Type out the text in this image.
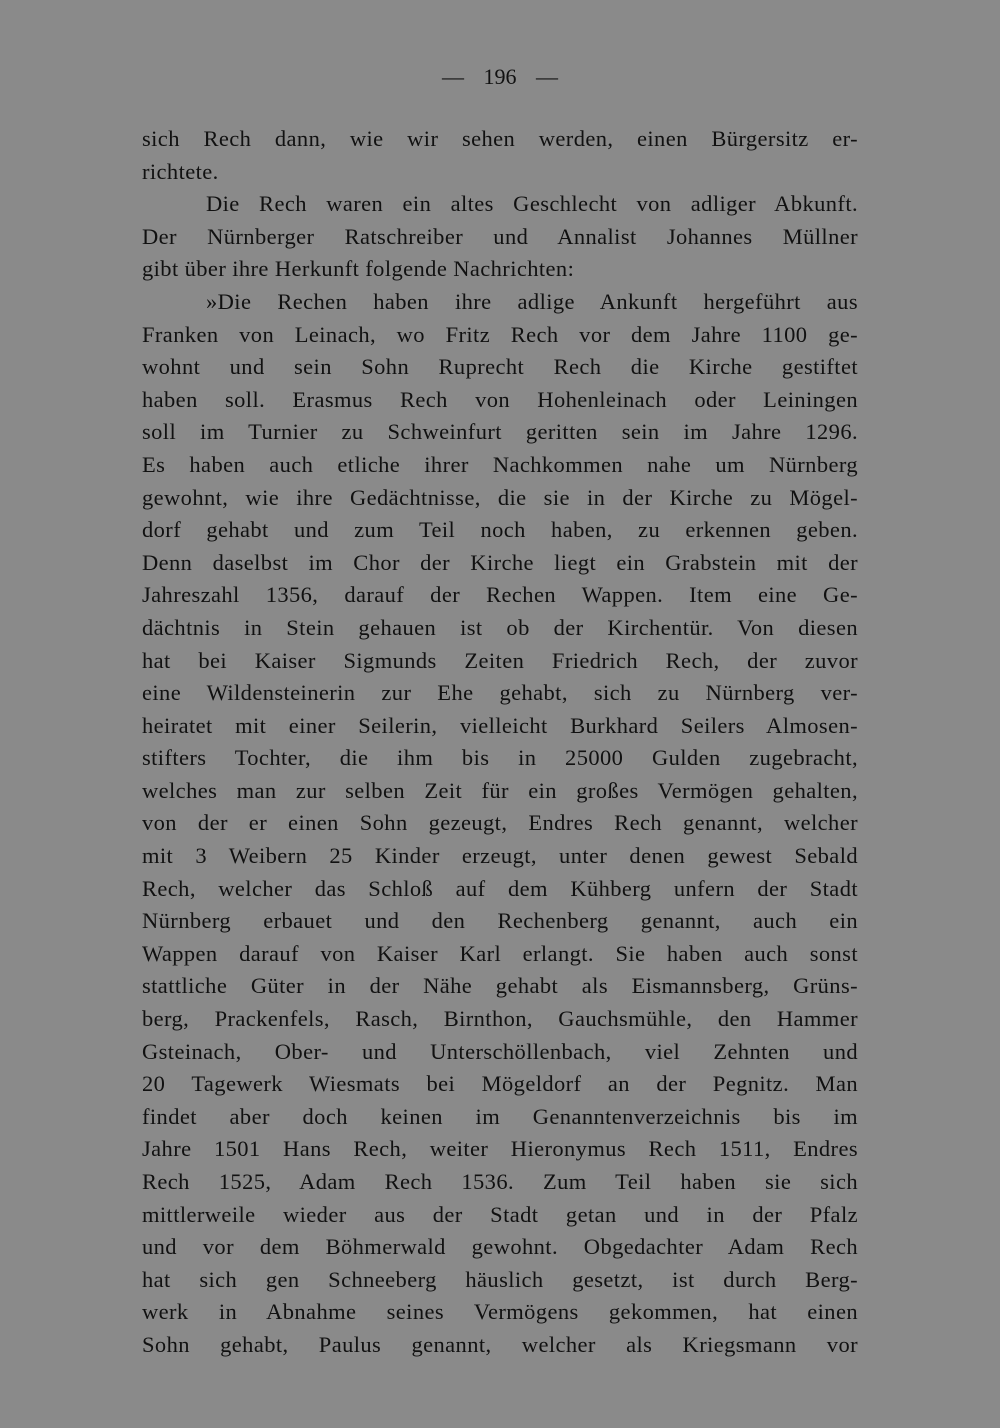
— 196 —
sich Rech dann, wie wir sehen werden, einen Bürgersitz er-
richtete.
Die Rech waren ein altes Geschlecht von adliger Abkunft.
Der Nürnberger Ratschreiber und Annalist Johannes Müllner
gibt über ihre Herkunft folgende Nachrichten:
»Die Rechen haben ihre adlige Ankunft hergeführt aus
Franken von Leinach, wo Fritz Rech vor dem Jahre 1100 ge-
wohnt und sein Sohn Ruprecht Rech die Kirche gestiftet
haben soll. Erasmus Rech von Hohenleinach oder Leiningen
soll im Turnier zu Schweinfurt geritten sein im Jahre 1296.
Es haben auch etliche ihrer Nachkommen nahe um Nürnberg
gewohnt, wie ihre Gedächtnisse, die sie in der Kirche zu Mögel-
dorf gehabt und zum Teil noch haben, zu erkennen geben.
Denn daselbst im Chor der Kirche liegt ein Grabstein mit der
Jahreszahl 1356, darauf der Rechen Wappen. Item eine Ge-
dächtnis in Stein gehauen ist ob der Kirchentür. Von diesen
hat bei Kaiser Sigmunds Zeiten Friedrich Rech, der zuvor
eine Wildensteinerin zur Ehe gehabt, sich zu Nürnberg ver-
heiratet mit einer Seilerin, vielleicht Burkhard Seilers Almosen-
stifters Tochter, die ihm bis in 25000 Gulden zugebracht,
welches man zur selben Zeit für ein großes Vermögen gehalten,
von der er einen Sohn gezeugt, Endres Rech genannt, welcher
mit 3 Weibern 25 Kinder erzeugt, unter denen gewest Sebald
Rech, welcher das Schloß auf dem Kühberg unfern der Stadt
Nürnberg erbauet und den Rechenberg genannt, auch ein
Wappen darauf von Kaiser Karl erlangt. Sie haben auch sonst
stattliche Güter in der Nähe gehabt als Eismannsberg, Grüns-
berg, Prackenfels, Rasch, Birnthon, Gauchsmühle, den Hammer
Gsteinach, Ober- und Unterschöllenbach, viel Zehnten und
20 Tagewerk Wiesmats bei Mögeldorf an der Pegnitz. Man
findet aber doch keinen im Genanntenverzeichnis bis im
Jahre 1501 Hans Rech, weiter Hieronymus Rech 1511, Endres
Rech 1525, Adam Rech 1536. Zum Teil haben sie sich
mittlerweile wieder aus der Stadt getan und in der Pfalz
und vor dem Böhmerwald gewohnt. Obgedachter Adam Rech
hat sich gen Schneeberg häuslich gesetzt, ist durch Berg-
werk in Abnahme seines Vermögens gekommen, hat einen
Sohn gehabt, Paulus genannt, welcher als Kriegsmann vor
